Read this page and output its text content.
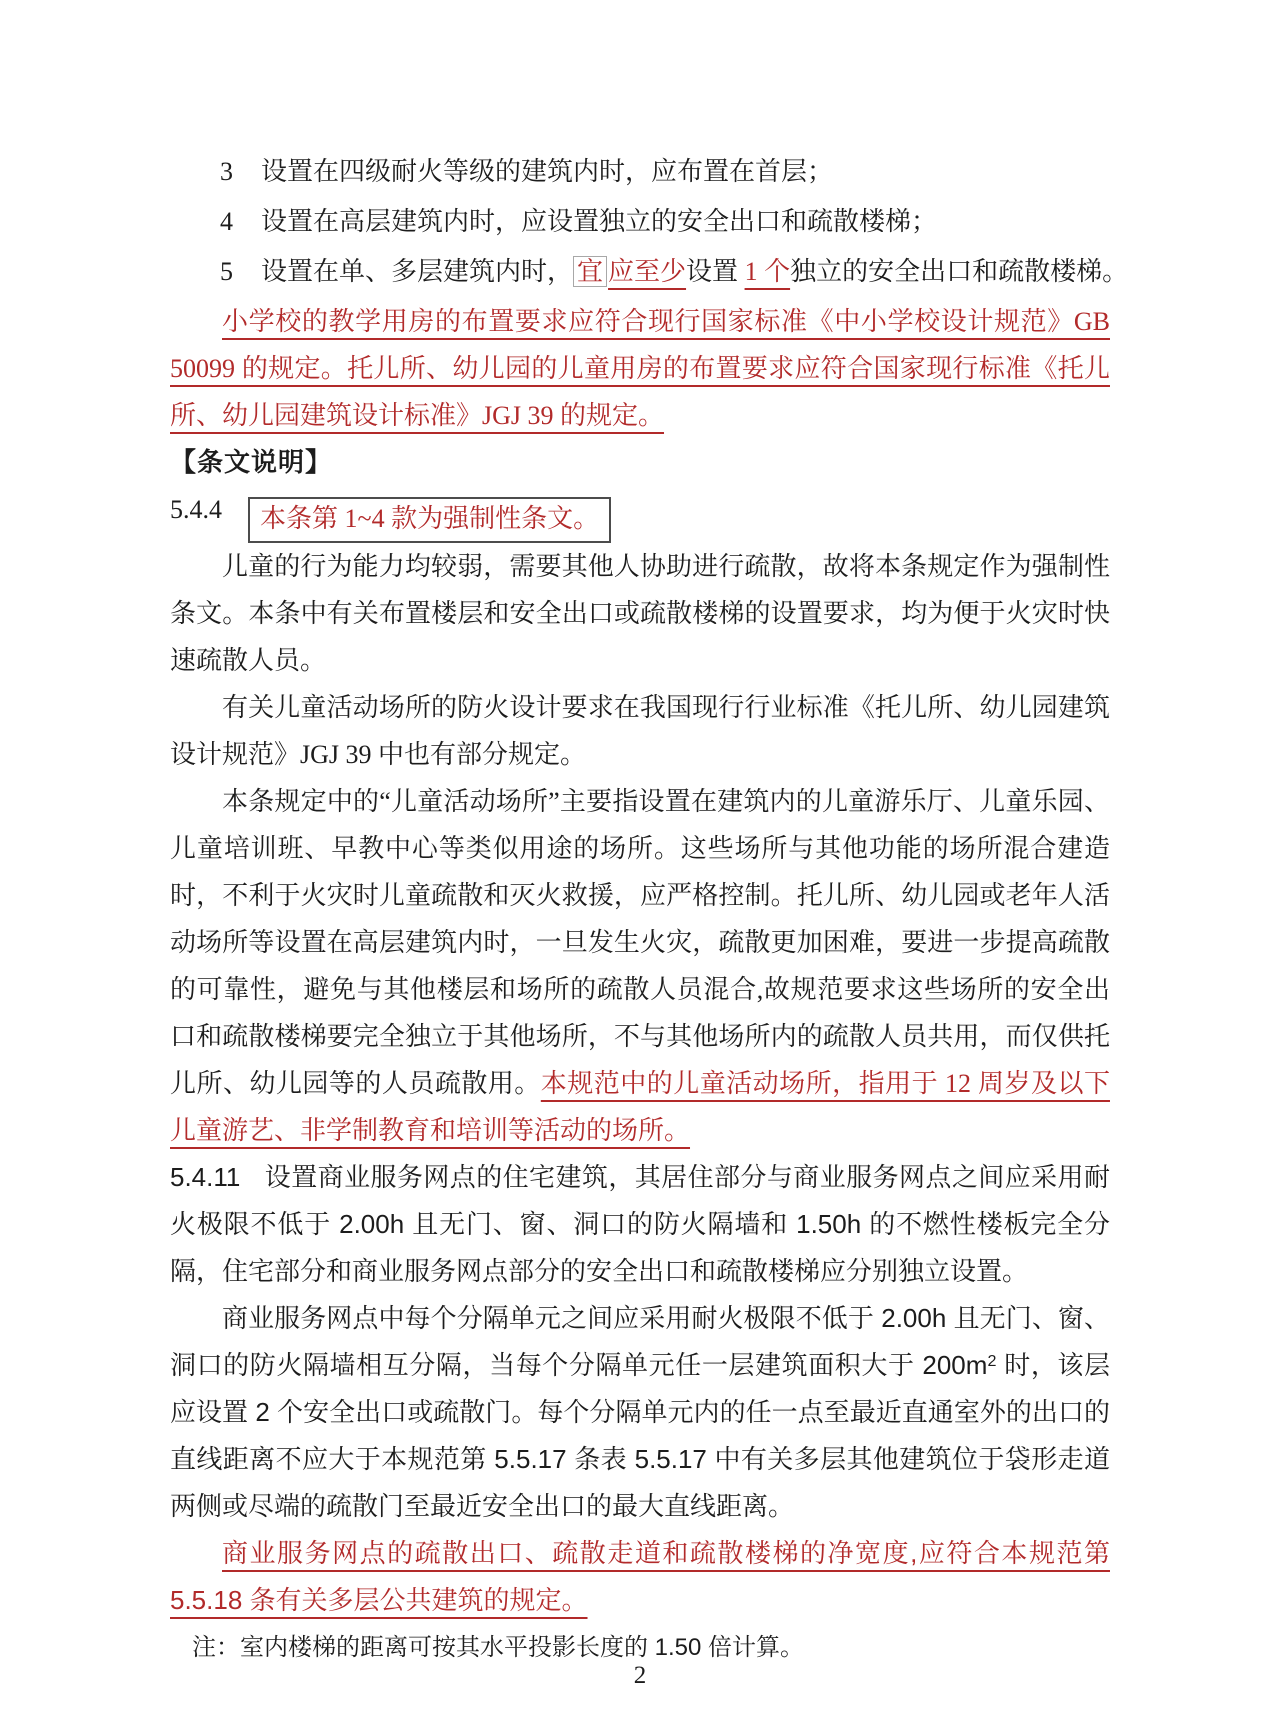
3 设置在四级耐火等级的建筑内时，应布置在首层；

4 设置在高层建筑内时，应设置独立的安全出口和疏散楼梯；

5 设置在单、多层建筑内时， 宜 应至少设置 1 个独立的安全出口和疏散楼梯。

小学校的教学用房的布置要求应符合现行国家标准《中小学校设计规范》GB 50099 的规定。托儿所、幼儿园的儿童用房的布置要求应符合国家现行标准《托儿所、幼儿园建筑设计标准》JGJ 39 的规定。

【条文说明】

5.4.4 本条第 1~4 款为强制性条文。

儿童的行为能力均较弱，需要其他人协助进行疏散，故将本条规定作为强制性条文。本条中有关布置楼层和安全出口或疏散楼梯的设置要求，均为便于火灾时快速疏散人员。

有关儿童活动场所的防火设计要求在我国现行行业标准《托儿所、幼儿园建筑设计规范》JGJ 39 中也有部分规定。

本条规定中的“儿童活动场所”主要指设置在建筑内的儿童游乐厅、儿童乐园、儿童培训班、早教中心等类似用途的场所。这些场所与其他功能的场所混合建造时，不利于火灾时儿童疏散和灭火救援，应严格控制。托儿所、幼儿园或老年人活动场所等设置在高层建筑内时，一旦发生火灾，疏散更加困难，要进一步提高疏散的可靠性，避免与其他楼层和场所的疏散人员混合,故规范要求这些场所的安全出口和疏散楼梯要完全独立于其他场所，不与其他场所内的疏散人员共用，而仅供托儿所、幼儿园等的人员疏散用。本规范中的儿童活动场所，指用于 12 周岁及以下儿童游艺、非学制教育和培训等活动的场所。

5.4.11 设置商业服务网点的住宅建筑，其居住部分与商业服务网点之间应采用耐火极限不低于 2.00h 且无门、窗、洞口的防火隔墙和 1.50h 的不燃性楼板完全分隔，住宅部分和商业服务网点部分的安全出口和疏散楼梯应分别独立设置。

商业服务网点中每个分隔单元之间应采用耐火极限不低于 2.00h 且无门、窗、洞口的防火隔墙相互分隔，当每个分隔单元任一层建筑面积大于 $200m^2$ 时，该层应设置 2 个安全出口或疏散门。每个分隔单元内的任一点至最近直通室外的出口的直线距离不应大于本规范第 5.5.17 条表 5.5.17 中有关多层其他建筑位于袋形走道两侧或尽端的疏散门至最近安全出口的最大直线距离。

商业服务网点的疏散出口、疏散走道和疏散楼梯的净宽度,应符合本规范第 5.5.18 条有关多层公共建筑的规定。

注：室内楼梯的距离可按其水平投影长度的 1.50 倍计算。

2
